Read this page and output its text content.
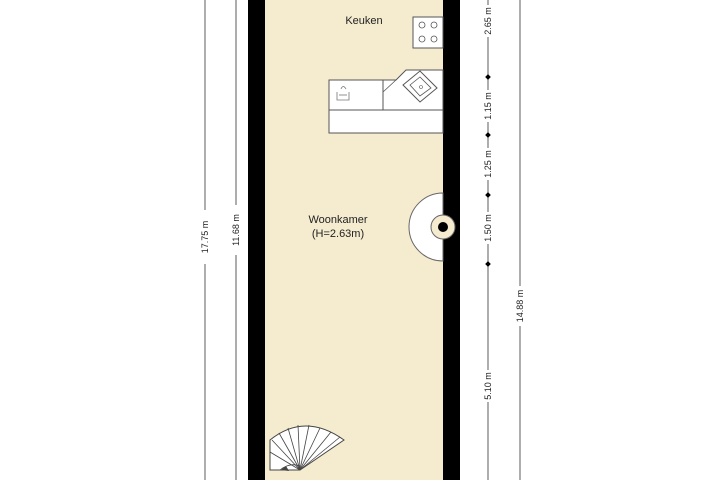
Keuken
Woonkamer
(H=2.63m)
17.75 m 11.68 m
2.65 m
1.15 m
1.25 m
1.50 m
5.10 m
14.88 m
